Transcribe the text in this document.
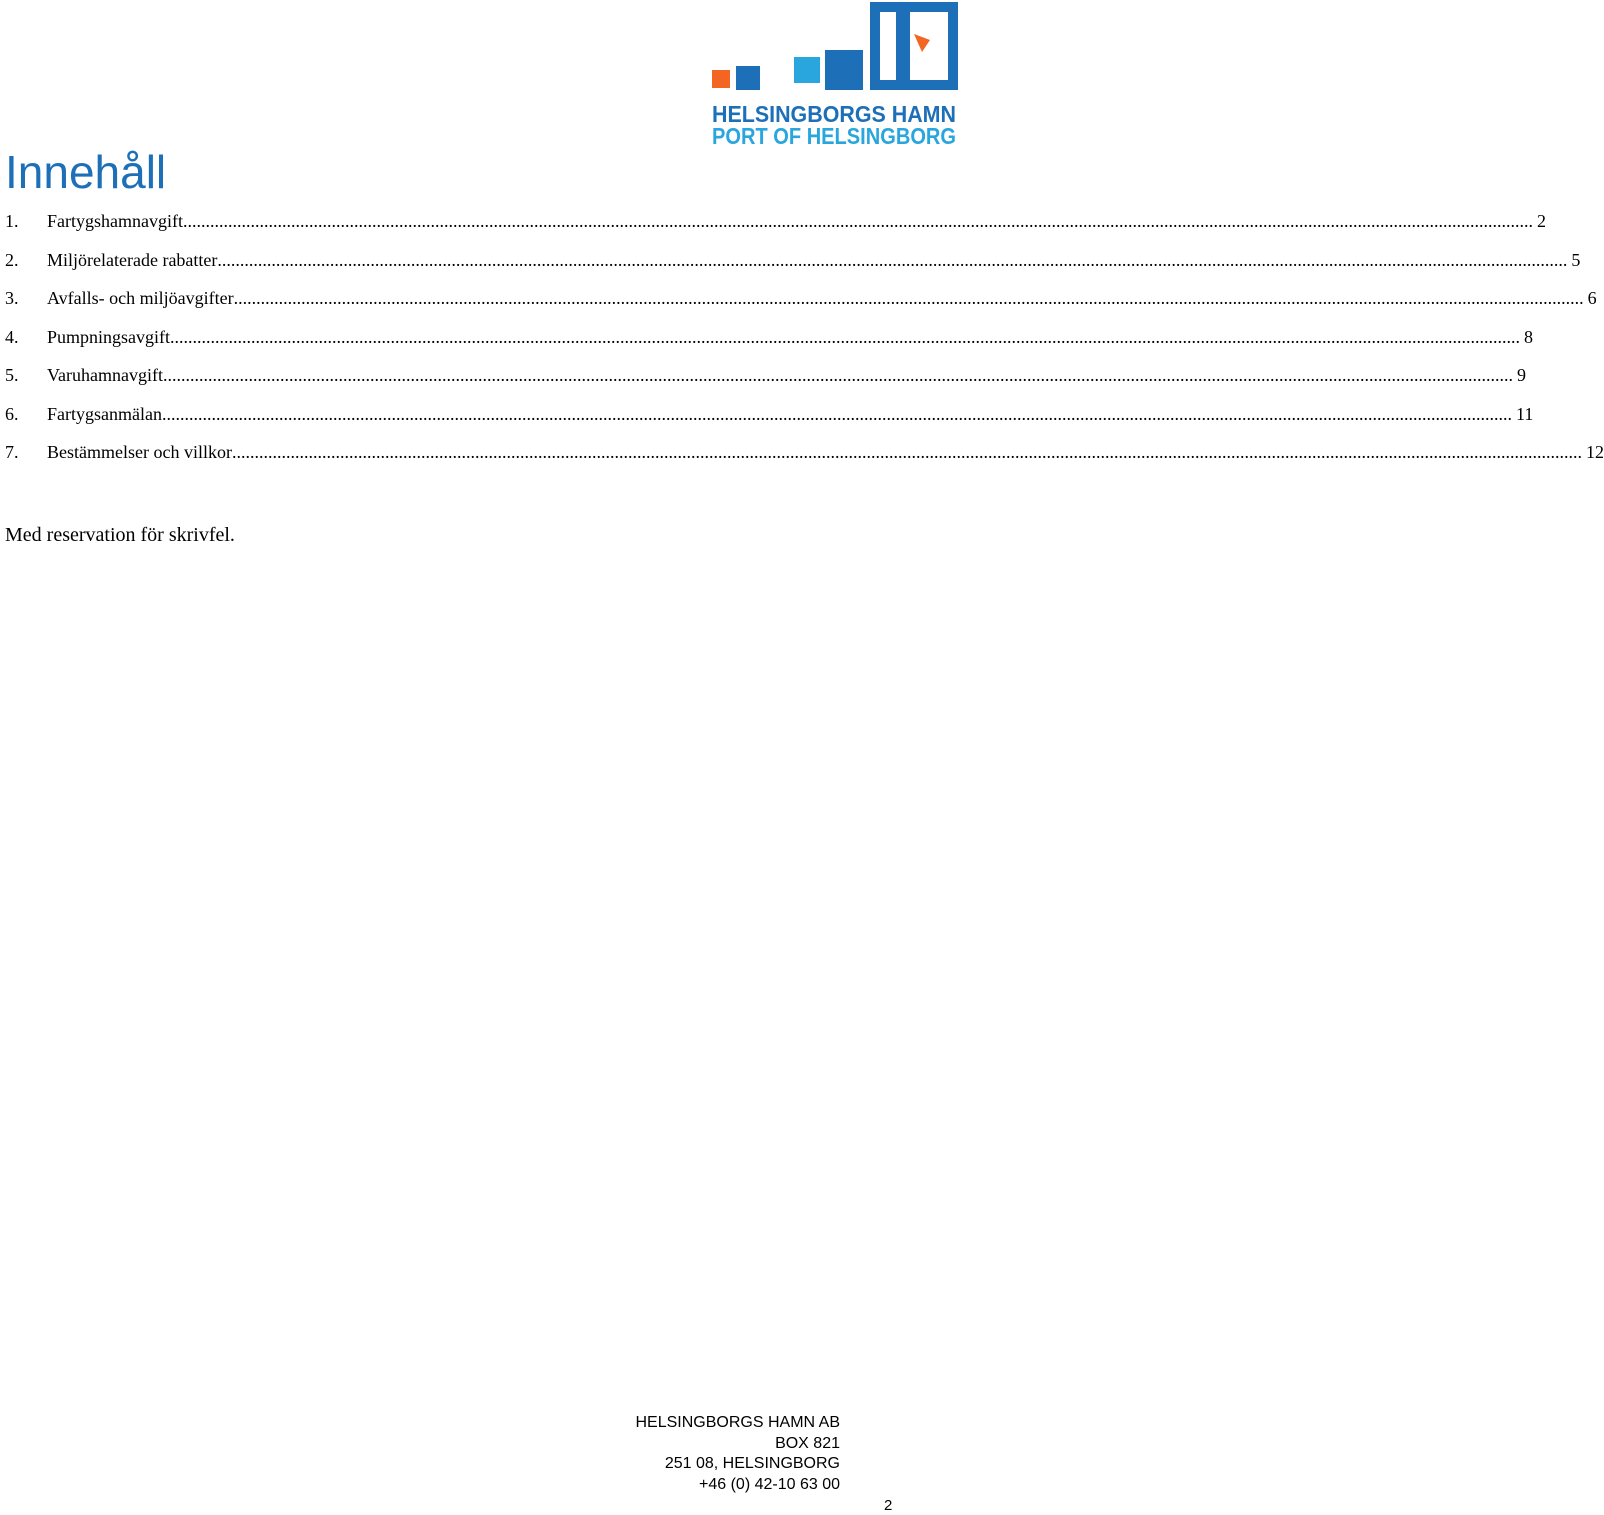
HELSINGBORGS HAMN
PORT OF HELSINGBORG
Innehåll
1.	Fartygshamnavgift ............................................................................................................................................................................................................................................................................................................ 2
2.	Miljörelaterade rabatter ............................................................................................................................................................................................................................................................................................................ 5
3.	Avfalls- och miljöavgifter ............................................................................................................................................................................................................................................................................................................ 6
4.	Pumpningsavgift ............................................................................................................................................................................................................................................................................................................ 8
5.	Varuhamnavgift ............................................................................................................................................................................................................................................................................................................ 9
6.	Fartygsanmälan ............................................................................................................................................................................................................................................................................................................ 11
7.	Bestämmelser och villkor ............................................................................................................................................................................................................................................................................................................ 12

Med reservation för skrivfel.

HELSINGBORGS HAMN AB
BOX 821
251 08, HELSINGBORG
+46 (0) 42-10 63 00
2
